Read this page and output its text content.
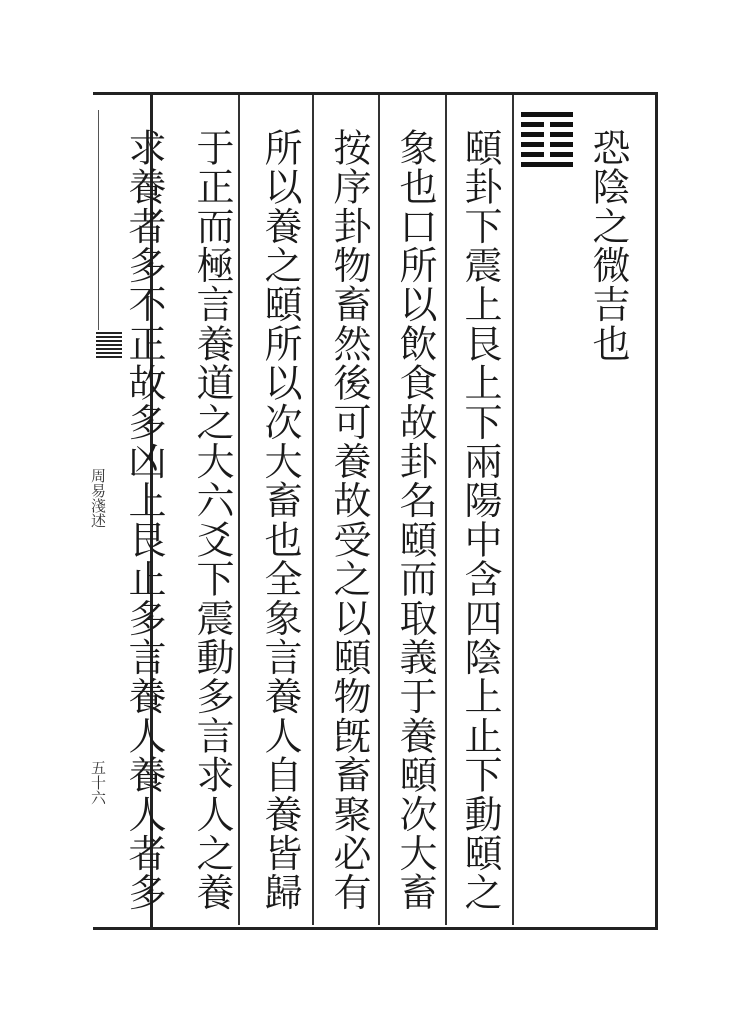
恐陰之微吉也
頤卦下震上艮上下兩陽中含四陰上止下動頤之
象也口所以飲食故卦名頤而取義于養頤次大畜
按序卦物畜然後可養故受之以頤物旣畜聚必有
所以養之頤所以次大畜也全象言養人自養皆歸
于正而極言養道之大六爻下震動多言求人之養
求養者多不正故多凶上艮止多言養人養人者多
周易淺述
五十六
